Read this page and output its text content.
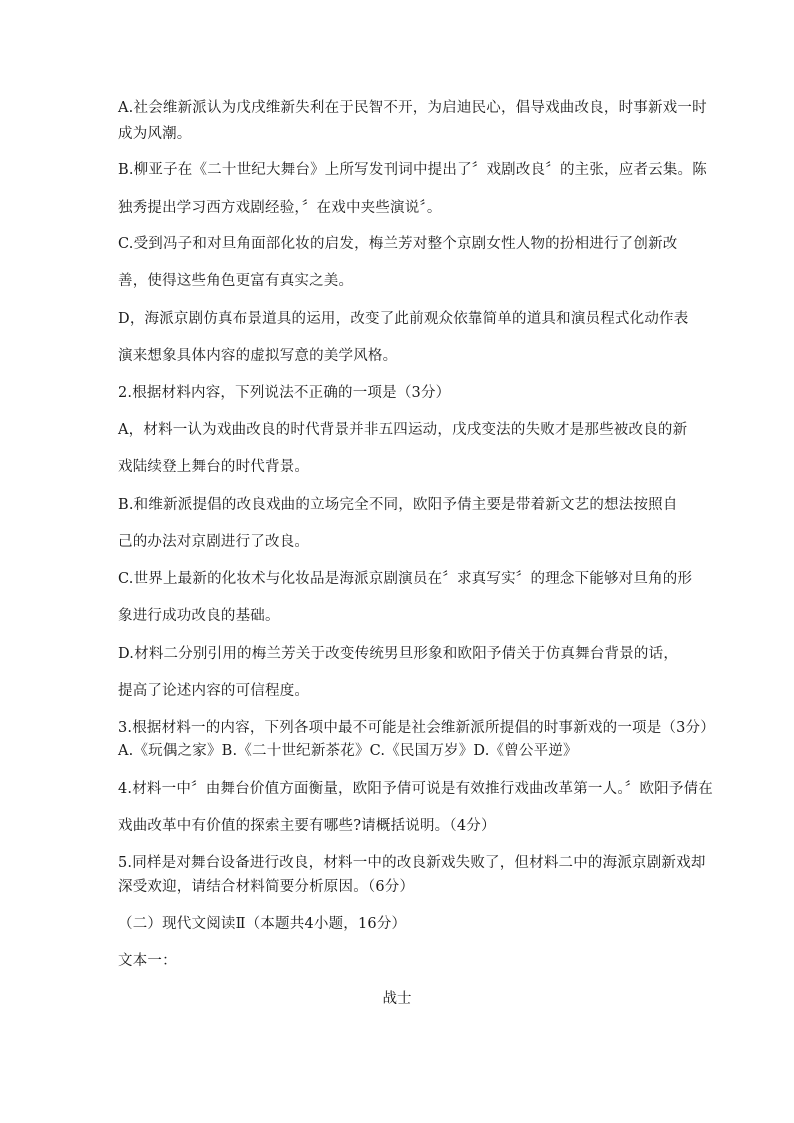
A.社会维新派认为戊戌维新失利在于民智不开，为启迪民心，倡导戏曲改良，时事新戏一时
成为风潮。
B.柳亚子在《二十世纪大舞台》上所写发刊词中提出了〞戏剧改良〞的主张，应者云集。陈
独秀提出学习西方戏剧经验，〞在戏中夹些演说〞。
C.受到冯子和对旦角面部化妆的启发，梅兰芳对整个京剧女性人物的扮相进行了创新改
善，使得这些角色更富有真实之美。
D，海派京剧仿真布景道具的运用，改变了此前观众依靠简单的道具和演员程式化动作表
演来想象具体内容的虚拟写意的美学风格。
2.根据材料内容，下列说法不正确的一项是（3分）
A，材料一认为戏曲改良的时代背景并非五四运动，戊戌变法的失败才是那些被改良的新
戏陆续登上舞台的时代背景。
B.和维新派提倡的改良戏曲的立场完全不同，欧阳予倩主要是带着新文艺的想法按照自
己的办法对京剧进行了改良。
C.世界上最新的化妆术与化妆品是海派京剧演员在〞求真写实〞的理念下能够对旦角的形
象进行成功改良的基础。
D.材料二分别引用的梅兰芳关于改变传统男旦形象和欧阳予倩关于仿真舞台背景的话，
提高了论述内容的可信程度。
3.根据材料一的内容，下列各项中最不可能是社会维新派所提倡的时事新戏的一项是（3分）
A.《玩偶之家》B.《二十世纪新茶花》C.《民国万岁》D.《曾公平逆》
4.材料一中〞由舞台价值方面衡量，欧阳予倩可说是有效推行戏曲改革第一人。〞欧阳予倩在
戏曲改革中有价值的探索主要有哪些?请概括说明。（4分）
5.同样是对舞台设备进行改良，材料一中的改良新戏失败了，但材料二中的海派京剧新戏却
深受欢迎，请结合材料简要分析原因。（6分）
（二）现代文阅读Ⅱ（本题共4小题，16分）
文本一：
战士
